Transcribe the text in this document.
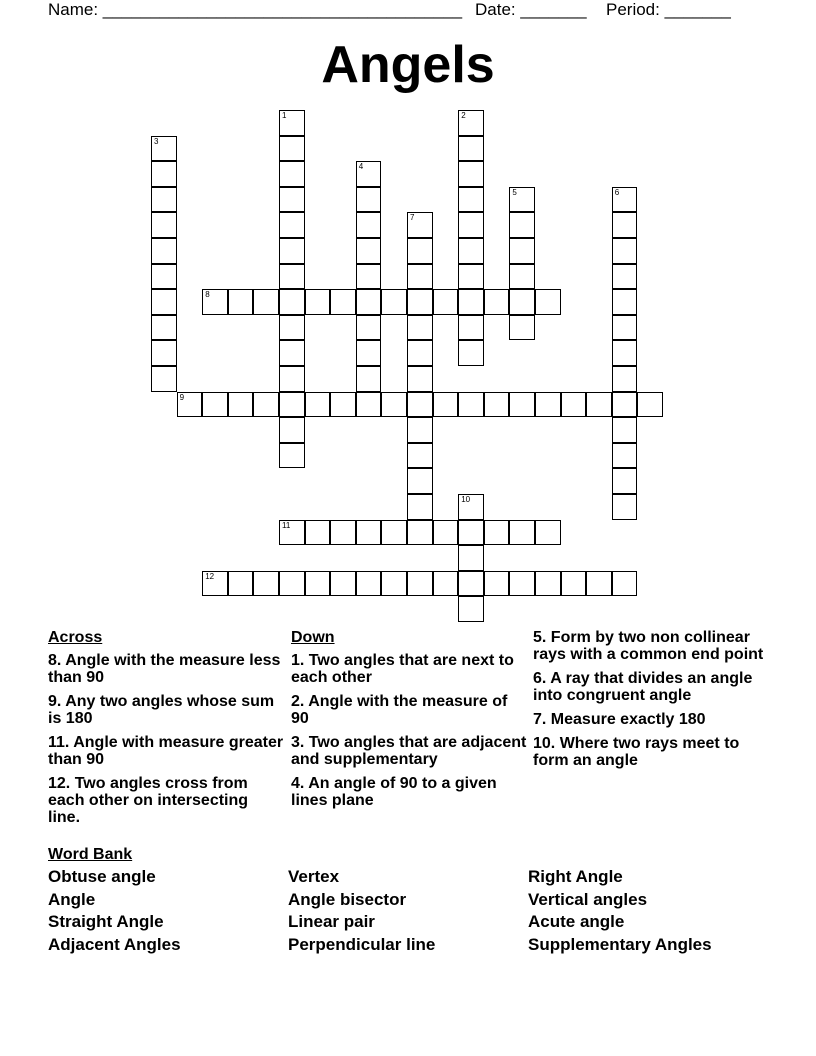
Name: ______________________________________ Date: _______ Period: _______
Angels
1	2
3
4
5	6
7
8
9
10
11
12
Across
8. Angle with the measure less than 90
9. Any two angles whose sum is 180
11. Angle with measure greater than 90
12. Two angles cross from each other on intersecting line.
Down
1. Two angles that are next to each other
2. Angle with the measure of 90
3. Two angles that are adjacent and supplementary
4. An angle of 90 to a given lines plane
5. Form by two non collinear rays with a common end point
6. A ray that divides an angle into congruent angle
7. Measure exactly 180
10. Where two rays meet to form an angle
Word Bank
Obtuse angle
Angle
Straight Angle
Adjacent Angles
Vertex
Angle bisector
Linear pair
Perpendicular line
Right Angle
Vertical angles
Acute angle
Supplementary Angles
